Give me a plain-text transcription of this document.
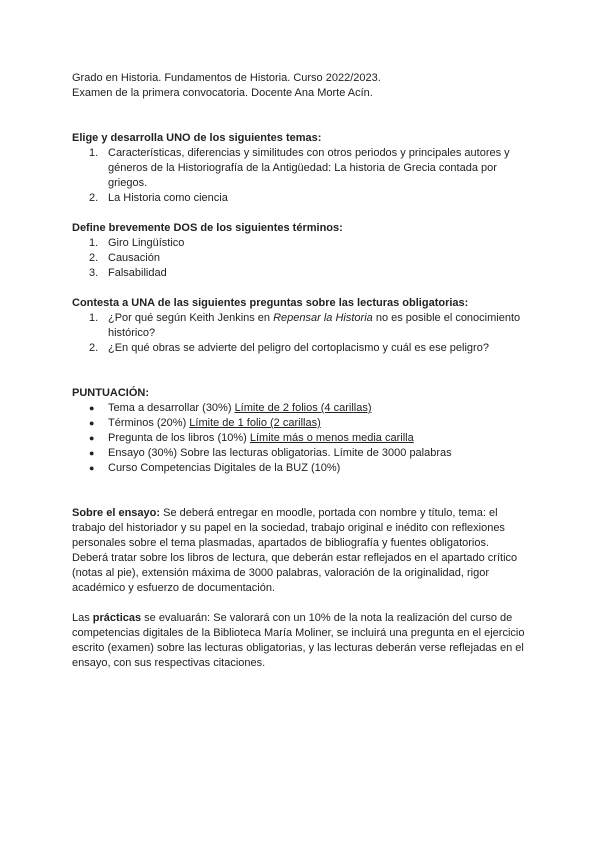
Grado en Historia. Fundamentos de Historia. Curso 2022/2023.

Examen de la primera convocatoria. Docente Ana Morte Acín.

Elige y desarrolla UNO de los siguientes temas:

1. Características, diferencias y similitudes con otros periodos y principales autores y géneros de la Historiografía de la Antigüedad: La historia de Grecia contada por griegos.
2. La Historia como ciencia

Define brevemente DOS de los siguientes términos:

1. Giro Lingüístico
2. Causación
3. Falsabilidad

Contesta a UNA de las siguientes preguntas sobre las lecturas obligatorias:

1. ¿Por qué según Keith Jenkins en Repensar la Historia no es posible el conocimiento histórico?
2. ¿En qué obras se advierte del peligro del cortoplacismo y cuál es ese peligro?

PUNTUACIÓN:

● Tema a desarrollar (30%) Límite de 2 folios (4 carillas)
● Términos (20%) Límite de 1 folio (2 carillas)
● Pregunta de los libros (10%) Límite más o menos media carilla
● Ensayo (30%) Sobre las lecturas obligatorias. Límite de 3000 palabras
● Curso Competencias Digitales de la BUZ (10%)

Sobre el ensayo: Se deberá entregar en moodle, portada con nombre y título, tema: el trabajo del historiador y su papel en la sociedad, trabajo original e inédito con reflexiones personales sobre el tema plasmadas, apartados de bibliografía y fuentes obligatorios. Deberá tratar sobre los libros de lectura, que deberán estar reflejados en el apartado crítico (notas al pie), extensión máxima de 3000 palabras, valoración de la originalidad, rigor académico y esfuerzo de documentación.

Las prácticas se evaluarán: Se valorará con un 10% de la nota la realización del curso de competencias digitales de la Biblioteca María Moliner, se incluirá una pregunta en el ejercicio escrito (examen) sobre las lecturas obligatorias, y las lecturas deberán verse reflejadas en el ensayo, con sus respectivas citaciones.
